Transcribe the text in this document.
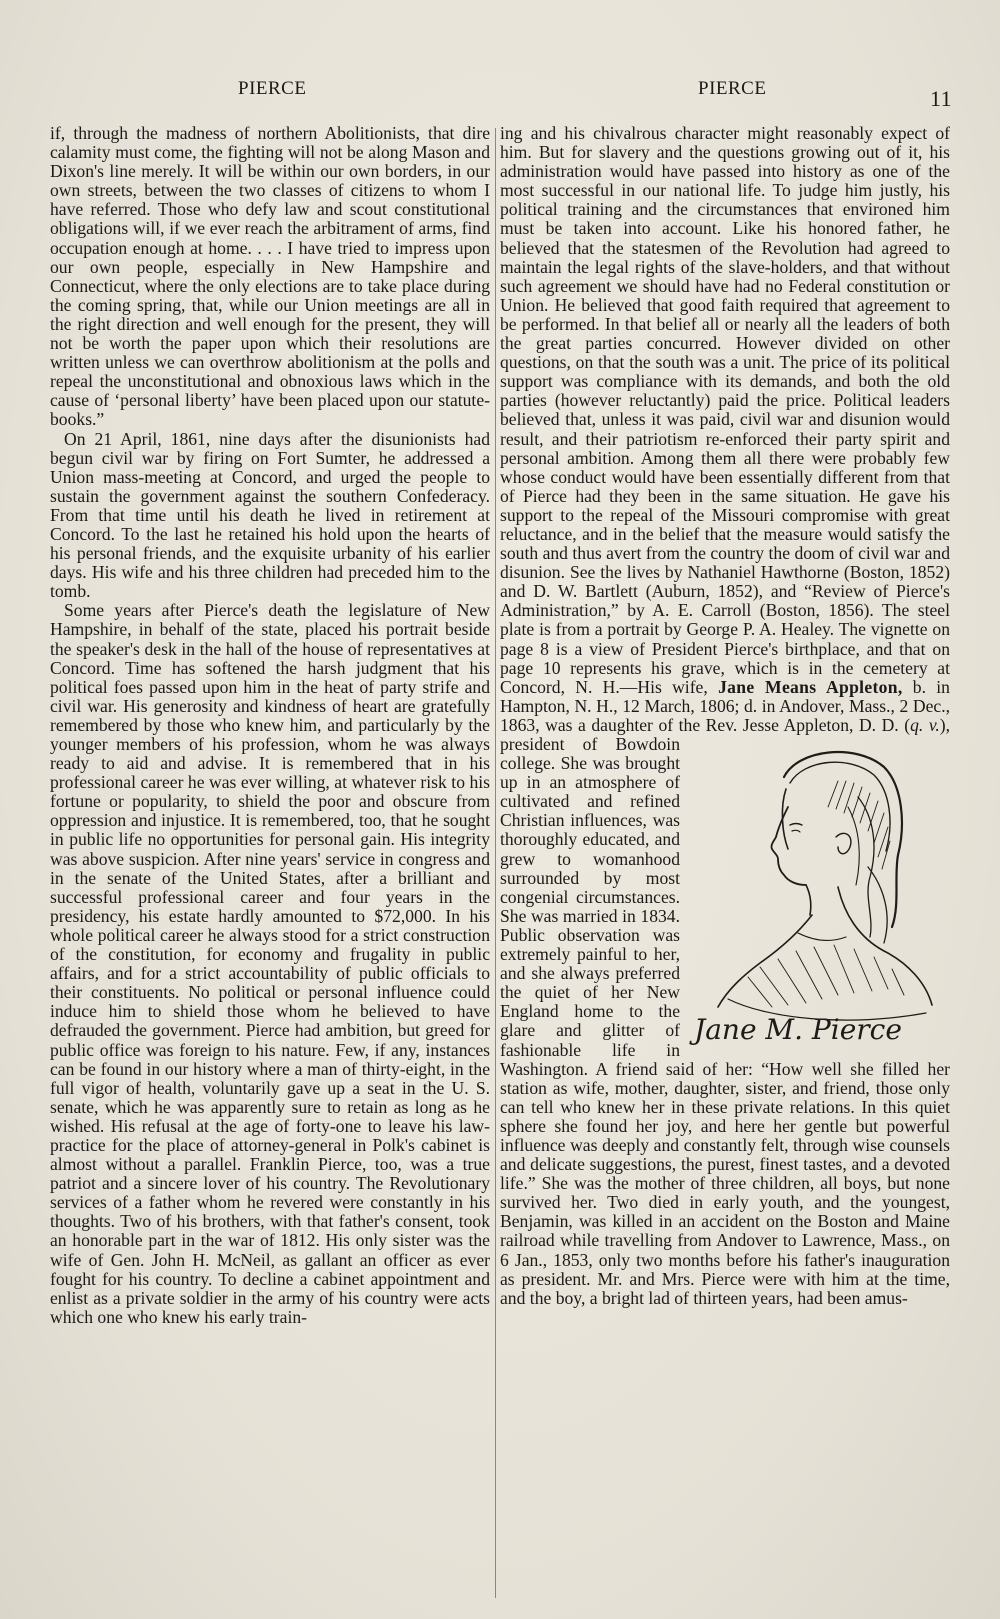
PIERCE	PIERCE	11

if, through the madness of northern Abolitionists, that dire calamity must come, the fighting will not be along Mason and Dixon's line merely. It will be within our own borders, in our own streets, between the two classes of citizens to whom I have referred. Those who defy law and scout constitutional obligations will, if we ever reach the arbitrament of arms, find occupation enough at home. . . . I have tried to impress upon our own people, especially in New Hampshire and Connecticut, where the only elections are to take place during the coming spring, that, while our Union meetings are all in the right direction and well enough for the present, they will not be worth the paper upon which their resolutions are written unless we can overthrow abolitionism at the polls and repeal the unconstitutional and obnoxious laws which in the cause of ‘personal liberty’ have been placed upon our statute-books.”

On 21 April, 1861, nine days after the disunionists had begun civil war by firing on Fort Sumter, he addressed a Union mass-meeting at Concord, and urged the people to sustain the government against the southern Confederacy. From that time until his death he lived in retirement at Concord. To the last he retained his hold upon the hearts of his personal friends, and the exquisite urbanity of his earlier days. His wife and his three children had preceded him to the tomb.

Some years after Pierce's death the legislature of New Hampshire, in behalf of the state, placed his portrait beside the speaker's desk in the hall of the house of representatives at Concord. Time has softened the harsh judgment that his political foes passed upon him in the heat of party strife and civil war. His generosity and kindness of heart are gratefully remembered by those who knew him, and particularly by the younger members of his profession, whom he was always ready to aid and advise. It is remembered that in his professional career he was ever willing, at whatever risk to his fortune or popularity, to shield the poor and obscure from oppression and injustice. It is remembered, too, that he sought in public life no opportunities for personal gain. His integrity was above suspicion. After nine years' service in congress and in the senate of the United States, after a brilliant and successful professional career and four years in the presidency, his estate hardly amounted to $72,000. In his whole political career he always stood for a strict construction of the constitution, for economy and frugality in public affairs, and for a strict accountability of public officials to their constituents. No political or personal influence could induce him to shield those whom he believed to have defrauded the government. Pierce had ambition, but greed for public office was foreign to his nature. Few, if any, instances can be found in our history where a man of thirty-eight, in the full vigor of health, voluntarily gave up a seat in the U. S. senate, which he was apparently sure to retain as long as he wished. His refusal at the age of forty-one to leave his law-practice for the place of attorney-general in Polk's cabinet is almost without a parallel. Franklin Pierce, too, was a true patriot and a sincere lover of his country. The Revolutionary services of a father whom he revered were constantly in his thoughts. Two of his brothers, with that father's consent, took an honorable part in the war of 1812. His only sister was the wife of Gen. John H. McNeil, as gallant an officer as ever fought for his country. To decline a cabinet appointment and enlist as a private soldier in the army of his country were acts which one who knew his early train-

ing and his chivalrous character might reasonably expect of him. But for slavery and the questions growing out of it, his administration would have passed into history as one of the most successful in our national life. To judge him justly, his political training and the circumstances that environed him must be taken into account. Like his honored father, he believed that the statesmen of the Revolution had agreed to maintain the legal rights of the slave-holders, and that without such agreement we should have had no Federal constitution or Union. He believed that good faith required that agreement to be performed. In that belief all or nearly all the leaders of both the great parties concurred. However divided on other questions, on that the south was a unit. The price of its political support was compliance with its demands, and both the old parties (however reluctantly) paid the price. Political leaders believed that, unless it was paid, civil war and disunion would result, and their patriotism re-enforced their party spirit and personal ambition. Among them all there were probably few whose conduct would have been essentially different from that of Pierce had they been in the same situation. He gave his support to the repeal of the Missouri compromise with great reluctance, and in the belief that the measure would satisfy the south and thus avert from the country the doom of civil war and disunion. See the lives by Nathaniel Hawthorne (Boston, 1852) and D. W. Bartlett (Auburn, 1852), and “Review of Pierce's Administration,” by A. E. Carroll (Boston, 1856). The steel plate is from a portrait by George P. A. Healey. The vignette on page 8 is a view of President Pierce's birthplace, and that on page 10 represents his grave, which is in the cemetery at Concord, N. H.—His wife, Jane Means Appleton, b. in Hampton, N. H., 12 March, 1806; d. in Andover, Mass., 2 Dec., 1863, was a daughter of the Rev. Jesse Appleton, D. D. (
Jane M. Pierce
q. v.), president of Bowdoin college. She was brought up in an atmosphere of cultivated and refined Christian influences, was thoroughly educated, and grew to womanhood surrounded by most congenial circumstances. She was married in 1834. Public observation was extremely painful to her, and she always preferred the quiet of her New England home to the glare and glitter of fashionable life in Washington. A friend said of her: “How well she filled her station as wife, mother, daughter, sister, and friend, those only can tell who knew her in these private relations. In this quiet sphere she found her joy, and here her gentle but powerful influence was deeply and constantly felt, through wise counsels and delicate suggestions, the purest, finest tastes, and a devoted life.” She was the mother of three children, all boys, but none survived her. Two died in early youth, and the youngest, Benjamin, was killed in an accident on the Boston and Maine railroad while travelling from Andover to Lawrence, Mass., on 6 Jan., 1853, only two months before his father's inauguration as president. Mr. and Mrs. Pierce were with him at the time, and the boy, a bright lad of thirteen years, had been amus-
